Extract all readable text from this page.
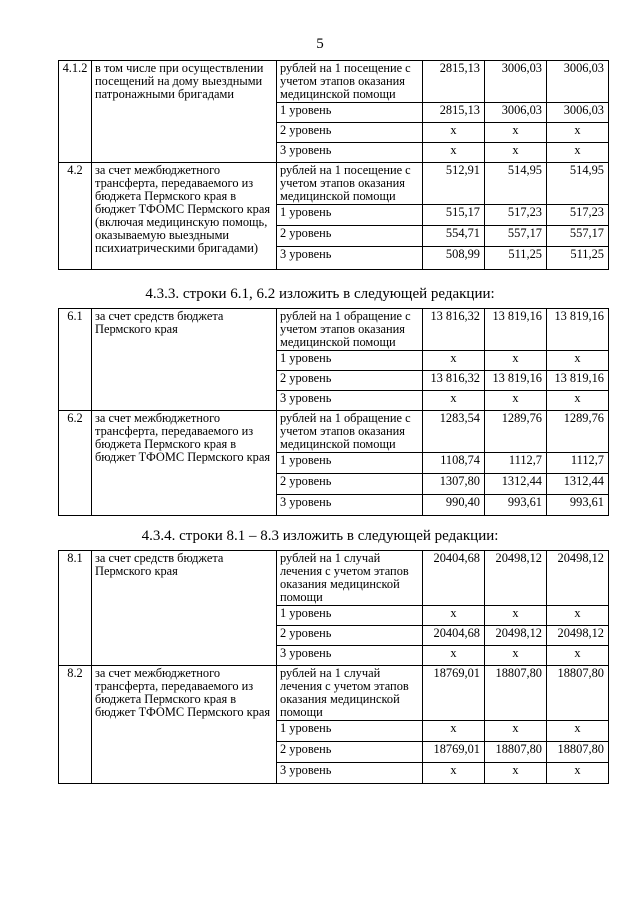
5
4.1.2	в том числе при осуществлении посещений на дому выездными патронажными бригадами	рублей на 1 посещение с учетом этапов оказания медицинской помощи	2815,13	3006,03	3006,03
		1 уровень	2815,13	3006,03	3006,03
		2 уровень	x	x	x
		3 уровень	x	x	x
4.2	за счет межбюджетного трансферта, передаваемого из бюджета Пермского края в бюджет ТФОМС Пермского края (включая медицинскую помощь, оказываемую выездными психиатрическими бригадами)	рублей на 1 посещение с учетом этапов оказания медицинской помощи	512,91	514,95	514,95
		1 уровень	515,17	517,23	517,23
		2 уровень	554,71	557,17	557,17
		3 уровень	508,99	511,25	511,25
4.3.3. строки 6.1, 6.2 изложить в следующей редакции:
6.1	за счет средств бюджета Пермского края	рублей на 1 обращение с учетом этапов оказания медицинской помощи	13 816,32	13 819,16	13 819,16
		1 уровень	x	x	x
		2 уровень	13 816,32	13 819,16	13 819,16
		3 уровень	x	x	x
6.2	за счет межбюджетного трансферта, передаваемого из бюджета Пермского края в бюджет ТФОМС Пермского края	рублей на 1 обращение с учетом этапов оказания медицинской помощи	1283,54	1289,76	1289,76
		1 уровень	1108,74	1112,7	1112,7
		2 уровень	1307,80	1312,44	1312,44
		3 уровень	990,40	993,61	993,61
4.3.4. строки 8.1 – 8.3 изложить в следующей редакции:
8.1	за счет средств бюджета Пермского края	рублей на 1 случай лечения с учетом этапов оказания медицинской помощи	20404,68	20498,12	20498,12
		1 уровень	x	x	x
		2 уровень	20404,68	20498,12	20498,12
		3 уровень	x	x	x
8.2	за счет межбюджетного трансферта, передаваемого из бюджета Пермского края в бюджет ТФОМС Пермского края	рублей на 1 случай лечения с учетом этапов оказания медицинской помощи	18769,01	18807,80	18807,80
		1 уровень	x	x	x
		2 уровень	18769,01	18807,80	18807,80
		3 уровень	x	x	x
